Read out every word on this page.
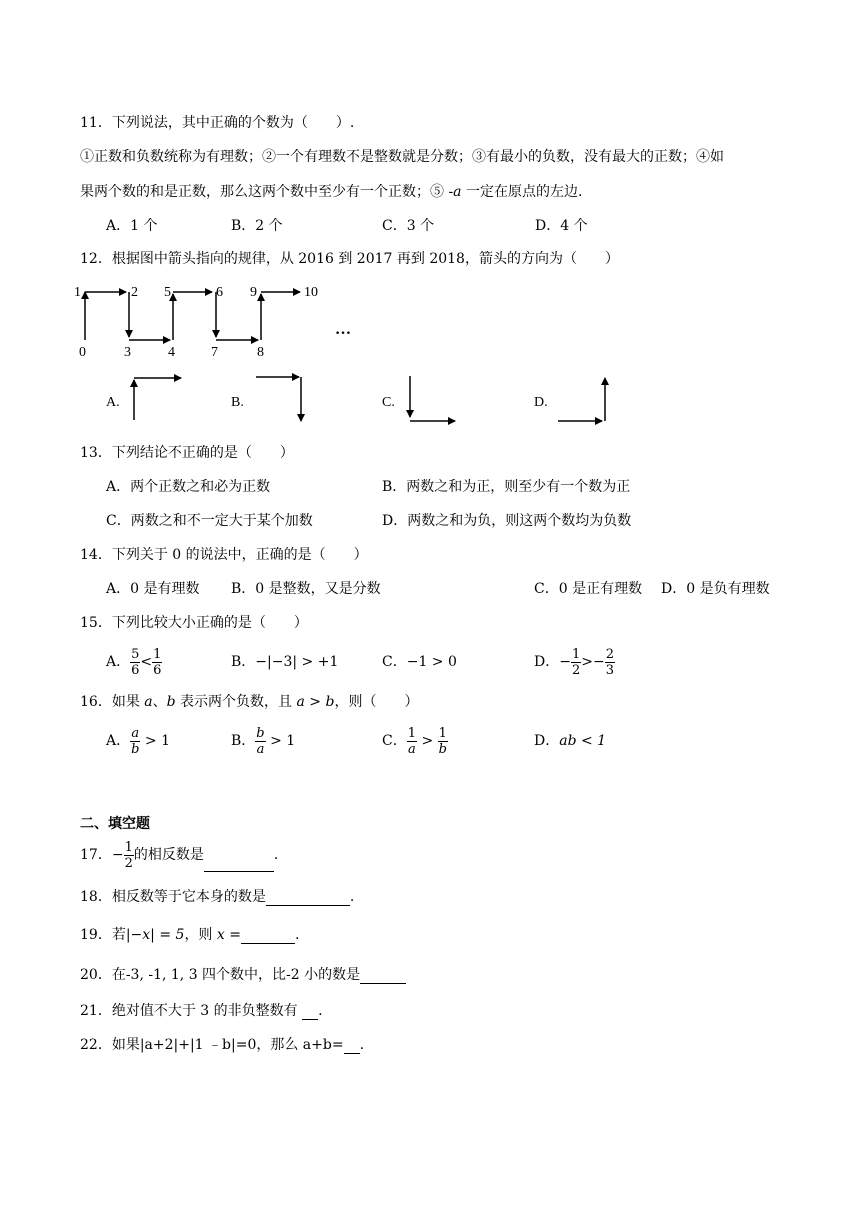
11．下列说法，其中正确的个数为（　　）.
①正数和负数统称为有理数；②一个有理数不是整数就是分数；③有最小的负数，没有最大的正数；④如
果两个数的和是正数，那么这两个数中至少有一个正数；⑤ -a 一定在原点的左边.
A．1 个	B．2 个	C．3 个	D．4 个
12．根据图中箭头指向的规律，从 2016 到 2017 再到 2018，箭头的方向为（　　）
0
1	2
3	4
5	6
7	8
9	10
…
A.	B.	C.	D.
13．下列结论不正确的是（　　）
A．两个正数之和必为正数	B．两数之和为正，则至少有一个数为正
C．两数之和不一定大于某个加数	D．两数之和为负，则这两个数均为负数
14．下列关于 0 的说法中，正确的是（　　）
A．0 是有理数 B．0 是整数，又是分数	C．0 是正有理数 D．0 是负有理数
15．下列比较大小正确的是（　　）
A． $\frac{5}{6} < \frac{1}{6}$	B．−|−3| > +1	C．−1 > 0	D．− $\frac{1}{2} >- \frac{2}{3}$
16．如果 a、b 表示两个负数，且 a > b，则（　　）
A． $\frac{a}{b} > 1$	B． $\frac{b}{a} > 1$	C． $\frac{1}{a} > \frac{1}{b}$	D．ab < 1
二、填空题
17．− $\frac{1}{2}$ 的相反数是	.
18．相反数等于它本身的数是	.
19．若|−x| = 5，则 x =	.
20．在-3, -1, 1, 3 四个数中，比-2 小的数是
21．绝对值不大于 3 的非负整数有 .
22．如果|a+2|+|1 ﹣b|=0，那么 a+b= .
